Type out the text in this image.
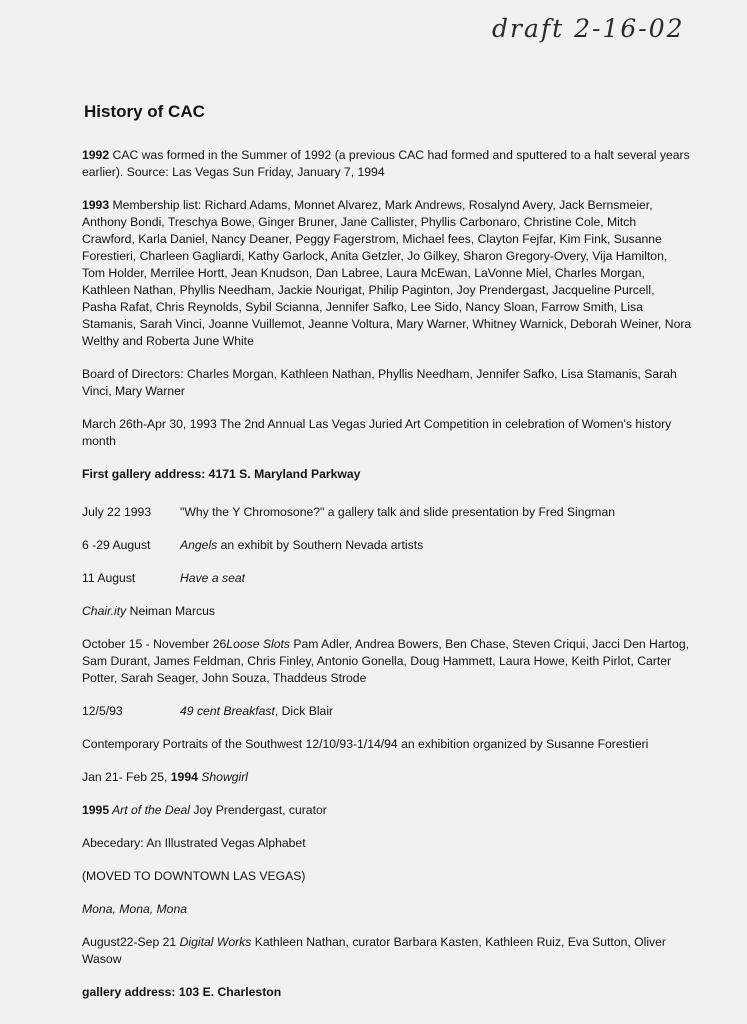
draft 2-16-02
History of CAC
1992 CAC was formed in the Summer of 1992 (a previous CAC had formed and sputtered to a halt several years earlier). Source: Las Vegas Sun Friday, January 7, 1994
1993 Membership list: Richard Adams, Monnet Alvarez, Mark Andrews, Rosalynd Avery, Jack Bernsmeier, Anthony Bondi, Treschya Bowe, Ginger Bruner, Jane Callister, Phyllis Carbonaro, Christine Cole, Mitch Crawford, Karla Daniel, Nancy Deaner, Peggy Fagerstrom, Michael fees, Clayton Fejfar, Kim Fink, Susanne Forestieri, Charleen Gagliardi, Kathy Garlock, Anita Getzler, Jo Gilkey, Sharon Gregory-Overy, Vija Hamilton, Tom Holder, Merrilee Hortt, Jean Knudson, Dan Labree, Laura McEwan, LaVonne Miel, Charles Morgan, Kathleen Nathan, Phyllis Needham, Jackie Nourigat, Philip Paginton, Joy Prendergast, Jacqueline Purcell, Pasha Rafat, Chris Reynolds, Sybil Scianna, Jennifer Safko, Lee Sido, Nancy Sloan, Farrow Smith, Lisa Stamanis, Sarah Vinci, Joanne Vuillemot, Jeanne Voltura, Mary Warner, Whitney Warnick, Deborah Weiner, Nora Welthy and Roberta June White
Board of Directors: Charles Morgan, Kathleen Nathan, Phyllis Needham, Jennifer Safko, Lisa Stamanis, Sarah Vinci, Mary Warner
March 26th-Apr 30, 1993 The 2nd Annual Las Vegas Juried Art Competition in celebration of Women's history month
First gallery address: 4171 S. Maryland Parkway
July 22 1993	"Why the Y Chromosone?" a gallery talk and slide presentation by Fred Singman
6 -29 August	Angels an exhibit by Southern Nevada artists
11 August	Have a seat
Chair.ity Neiman Marcus
October 15 - November 26Loose Slots Pam Adler, Andrea Bowers, Ben Chase, Steven Criqui, Jacci Den Hartog, Sam Durant, James Feldman, Chris Finley, Antonio Gonella, Doug Hammett, Laura Howe, Keith Pirlot, Carter Potter, Sarah Seager, John Souza, Thaddeus Strode
12/5/93	49 cent Breakfast, Dick Blair
Contemporary Portraits of the Southwest 12/10/93-1/14/94 an exhibition organized by Susanne Forestieri
Jan 21- Feb 25, 1994 Showgirl
1995 Art of the Deal Joy Prendergast, curator
Abecedary: An Illustrated Vegas Alphabet
(MOVED TO DOWNTOWN LAS VEGAS)
Mona, Mona, Mona
August22-Sep 21 Digital Works Kathleen Nathan, curator Barbara Kasten, Kathleen Ruiz, Eva Sutton, Oliver Wasow
gallery address: 103 E. Charleston
